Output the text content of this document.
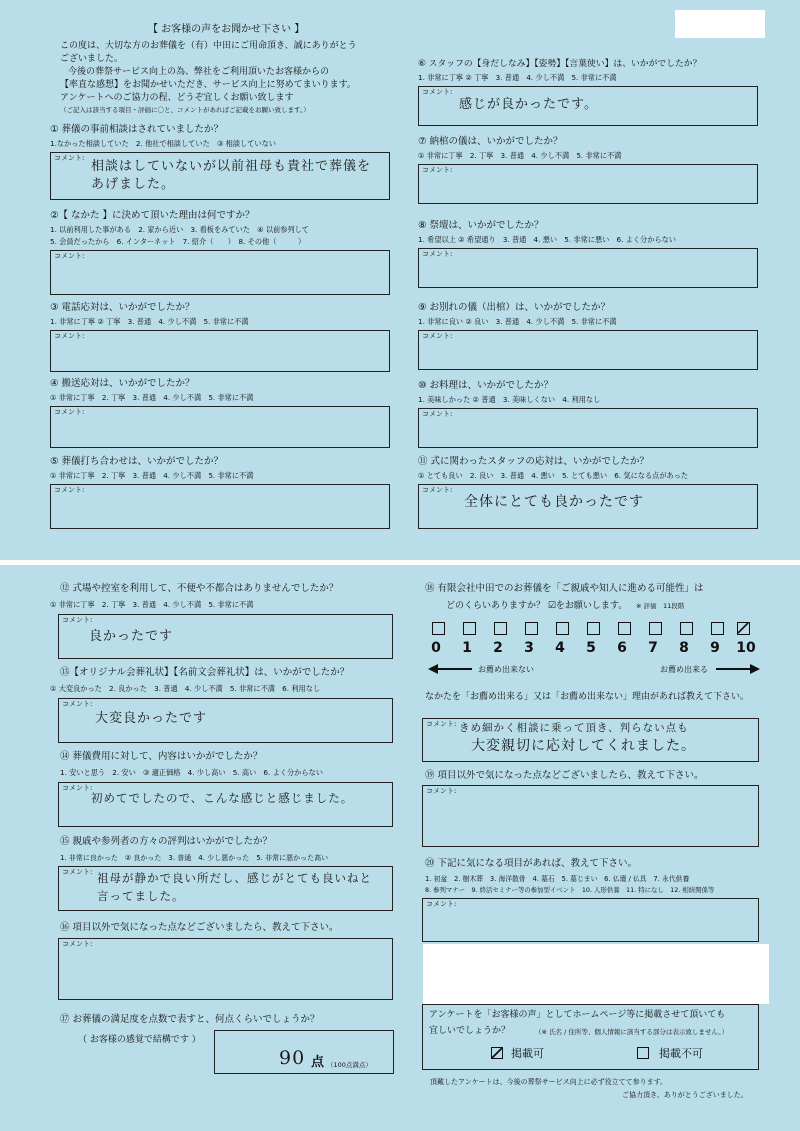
【 お客様の声をお聞かせ下さい 】
この度は、大切な方のお葬儀を（有）中田にご用命頂き、誠にありがとう
ございました。
今後の葬祭サービス向上の為、弊社をご利用頂いたお客様からの
【率直な感想】をお聞かせいただき、サービス向上に努めてまいります。
アンケートへのご協力の程、どうぞ宜しくお願い致します
（ご記入は該当する項目・評価に〇と、コメントがあればご記載をお願い致します。）
① 葬儀の事前相談はされていましたか？
1.なかった相談していた　2. 他社で相談していた　③ 相談していない
コメント:
相談はしていないが以前祖母も貴社で葬儀を
あげました。
②【 なかた 】に決めて頂いた理由は何ですか？
1. 以前利用した事がある　2. 家から近い　3. 看板をみていた　④ 以前参列して
5. 会員だったから　6. インターネット　7. 紹介（　　）　8. その他（　　　）
コメント:
③ 電話応対は、いかがでしたか？
1. 非常に丁寧 ② 丁寧　3. 普通　4. 少し不満　5. 非常に不満
コメント:
④ 搬送応対は、いかがでしたか？
① 非常に丁寧　2. 丁寧　3. 普通　4. 少し不満　5. 非常に不満
コメント:
⑤ 葬儀打ち合わせは、いかがでしたか？
① 非常に丁寧　2. 丁寧　3. 普通　4. 少し不満　5. 非常に不満
コメント:
⑥ スタッフの【身だしなみ】【姿勢】【言葉使い】は、いかがでしたか？
1. 非常に丁寧 ② 丁寧　3. 普通　4. 少し不満　5. 非常に不満
コメント:
感じが良かったです。
⑦ 納棺の儀は、いかがでしたか？
① 非常に丁寧　2. 丁寧　3. 普通　4. 少し不満　5. 非常に不満
コメント:
⑧ 祭壇は、いかがでしたか？
1. 希望以上 ② 希望通り　3. 普通　4. 悪い　5. 非常に悪い　6. よく分からない
コメント:
⑨ お別れの儀（出棺）は、いかがでしたか？
1. 非常に良い ② 良い　3. 普通　4. 少し不満　5. 非常に不満
コメント:
⑩ お料理は、いかがでしたか？
1. 美味しかった ② 普通　3. 美味しくない　4. 利用なし
コメント:
⑪ 式に関わったスタッフの応対は、いかがでしたか？
① とても良い　2. 良い　3. 普通　4. 悪い　5. とても悪い　6. 気になる点があった
コメント:
全体にとても良かったです
⑫ 式場や控室を利用して、不便や不都合はありませんでしたか？
① 非常に丁寧　2. 丁寧　3. 普通　4. 少し不満　5. 非常に不満
コメント:
良かったです
⑬【オリジナル会葬礼状】【名前文会葬礼状】は、いかがでしたか？
① 大変良かった　2. 良かった　3. 普通　4. 少し不満　5. 非常に不満　6. 利用なし
コメント:
大変良かったです
⑭ 葬儀費用に対して、内容はいかがでしたか？
1. 安いと思う　2. 安い　③ 適正価格　4. 少し高い　5. 高い　6. よく分からない
コメント:
初めてでしたので、こんな感じと感じました。
⑮ 親戚や参列者の方々の評判はいかがでしたか？
1. 非常に良かった　② 良かった　3. 普通　4. 少し悪かった　5. 非常に悪かった高い
コメント: 祖母が静かで良い所だし、感じがとても良いねと
言ってました。
⑯ 項目以外で気になった点などございましたら、教えて下さい。
コメント:
⑰ お葬儀の満足度を点数で表すと、何点くらいでしょうか？
（ お客様の感覚で結構です ）
90 点 （100点満点）
⑱ 有限会社中田でのお葬儀を「ご親戚や知人に進める可能性」は
どのくらいありますか？ ☑をお願いします。 ※ 評価　11段階
0	1	2	3	4	5	6	7	8	9	10
お薦め出来ない	お薦め出来る
なかたを「お薦め出来る」又は「お薦め出来ない」理由があれば教えて下さい。
コメント: きめ細かく相談に乗って頂き、判らない点も
大変親切に応対してくれました。
⑲ 項目以外で気になった点などございましたら、教えて下さい。
コメント:
⑳ 下記に気になる項目があれば、教えて下さい。
1. 初盆　2. 樹木葬　3. 海洋散骨　4. 墓石　5. 墓じまい　6. 仏壇 / 仏具　7. 永代供養
8. 参列マナー　9. 終活セミナー等の参加型イベント　10. 人形供養　11. 特になし　12. 相続関係等
コメント:
アンケートを「お客様の声」としてホームページ等に掲載させて頂いても
宜しいでしょうか？	（※ 氏名 / 住所等、個人情報に該当する部分は表示致しません。）
掲載可	掲載不可
頂戴したアンケートは、今後の葬祭サービス向上に必ず役立てて参ります。
ご協力頂き、ありがとうございました。
